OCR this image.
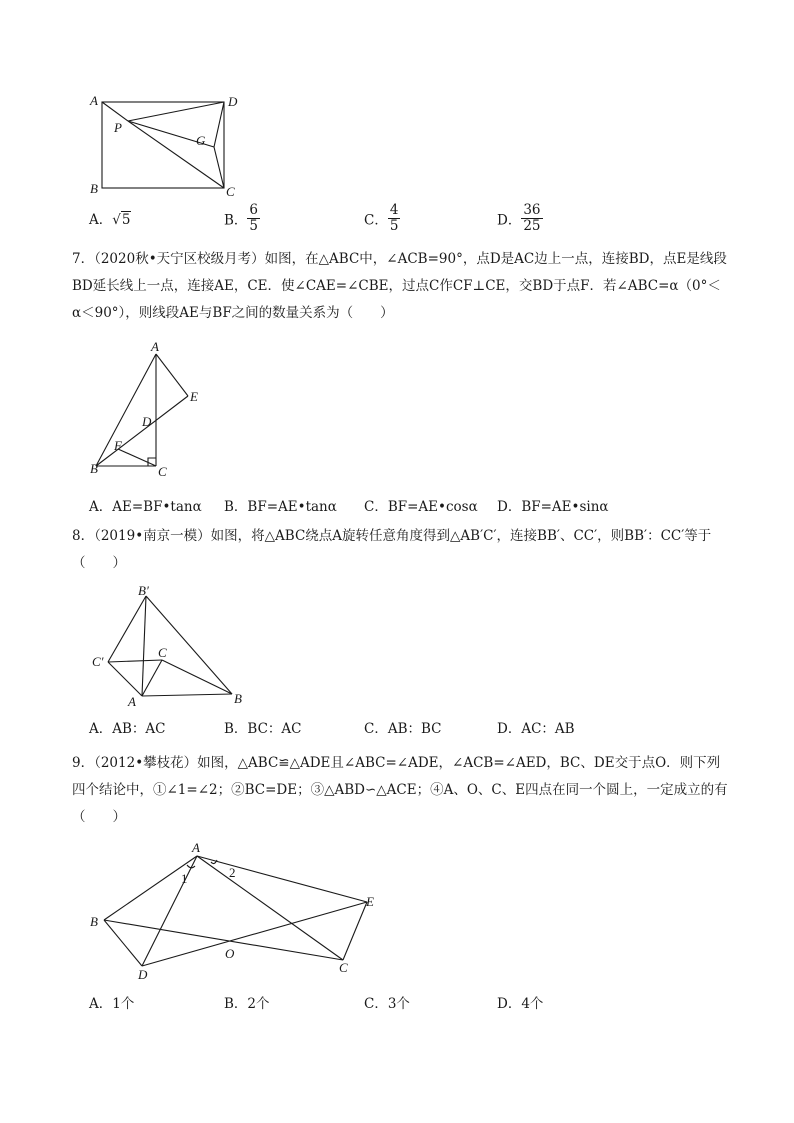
A	D
P
G
B	C
A．√5	B． $\frac{6}{5}$	C． $\frac{4}{5}$	D． $\frac{36}{25}$
7．（2020秋•天宁区校级月考）如图，在△ABC中，∠ACB=90°，点D是AC边上一点，连接BD，点E是线段BD延长线上一点，连接AE，CE．使∠CAE=∠CBE，过点C作CF⊥CE，交BD于点F．若∠ABC=α（0°＜α＜90°），则线段AE与BF之间的数量关系为（　　）
A
E
D
F
B	C
A．AE=BF•tanα B．BF=AE•tanα C．BF=AE•cosα D．BF=AE•sinα
8．（2019•南京一模）如图，将△ABC绕点A旋转任意角度得到△AB′C′，连接BB′、CC′，则BB′：CC′等于（　　）
B′
C′
C
A	B
A．AB：AC	B．BC：AC	C．AB：BC	D．AC：AB
9．（2012•攀枝花）如图，△ABC≌△ADE且∠ABC=∠ADE，∠ACB=∠AED，BC、DE交于点O．则下列四个结论中，①∠1=∠2；②BC=DE；③△ABD∽△ACE；④A、O、C、E四点在同一个圆上，一定成立的有（　　）
A
1	2
B
E
O
D	C
A．1个	B．2个	C．3个	D．4个
